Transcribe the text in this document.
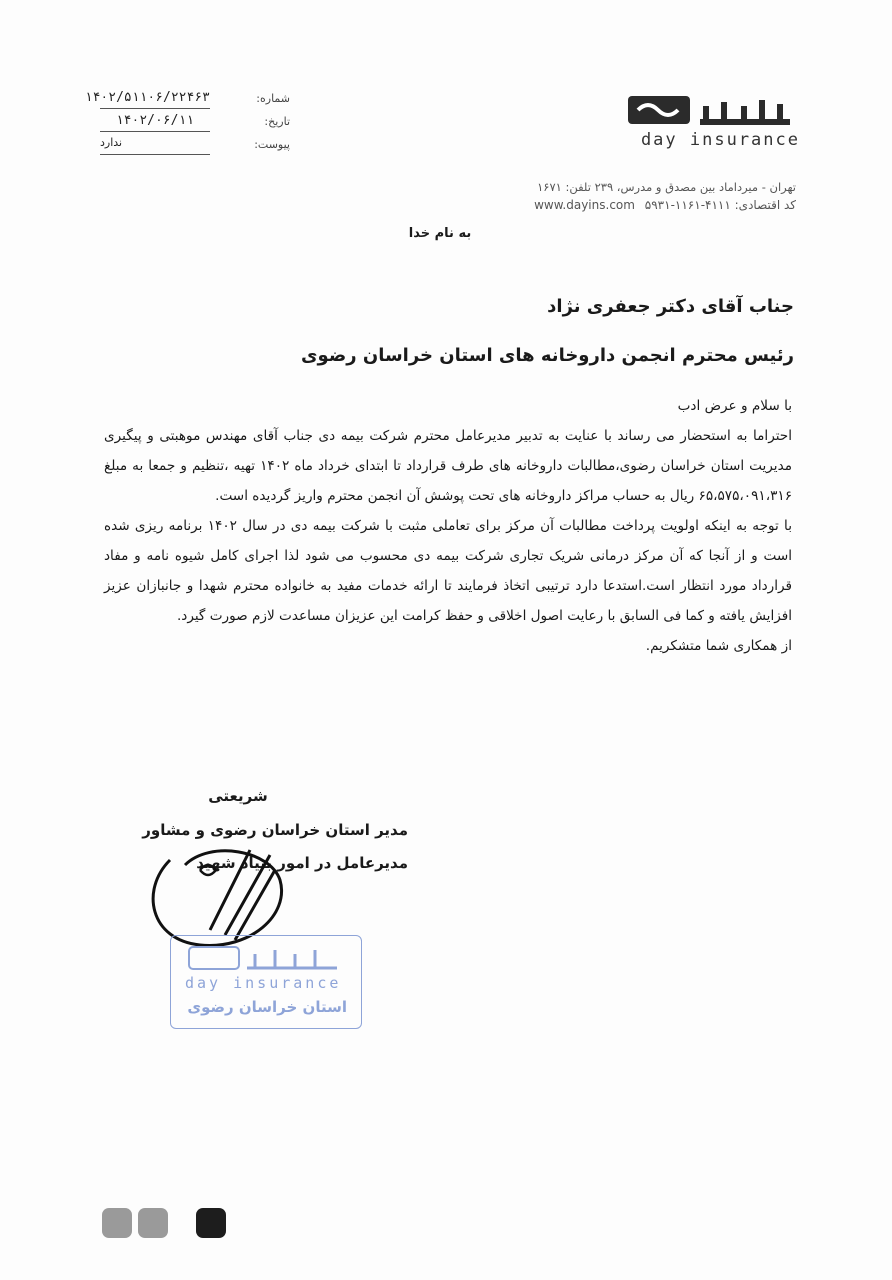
شماره:
۱۴۰۲/۵۱۱۰۶/۲۲۴۶۳
تاریخ:
۱۴۰۲/۰۶/۱۱
پیوست:
ندارد	day insurance
تهران - میرداماد بین مصدق و مدرس، ۲۳۹ تلفن: ۱۶۷۱
کد اقتصادی: ۴۱۱۱-۱۱۶۱-۵۹۳۱ www.dayins.com
به نام خدا
جناب آقای دکتر جعفری نژاد
رئیس محترم انجمن داروخانه های استان خراسان رضوی

با سلام و عرض ادب

احتراما به استحضار می رساند با عنایت به تدبیر مدیرعامل محترم شرکت بیمه دی جناب آقای مهندس موهبتی و پیگیری مدیریت استان خراسان رضوی،مطالبات داروخانه های طرف قرارداد تا ابتدای خرداد ماه ۱۴۰۲ تهیه ،تنظیم و جمعا به مبلغ ۶۵،۵۷۵،۰۹۱،۳۱۶ ریال به حساب مراکز داروخانه های تحت پوشش آن انجمن محترم واریز گردیده است.

با توجه به اینکه اولویت پرداخت مطالبات آن مرکز برای تعاملی مثبت با شرکت بیمه دی در سال ۱۴۰۲ برنامه ریزی شده است و از آنجا که آن مرکز درمانی شریک تجاری شرکت بیمه دی محسوب می شود لذا اجرای کامل شیوه نامه و مفاد قرارداد مورد انتظار است.استدعا دارد ترتیبی اتخاذ فرمایند تا ارائه خدمات مفید به خانواده محترم شهدا و جانبازان عزیز افزایش یافته و کما فی السابق با رعایت اصول اخلاقی و حفظ کرامت این عزیزان مساعدت لازم صورت گیرد.

از همکاری شما متشکریم.

شریعتی
مدیر استان خراسان رضوی و مشاور
مدیرعامل در امور بنیاد شهید
day insurance
استان خراسان رضوی
